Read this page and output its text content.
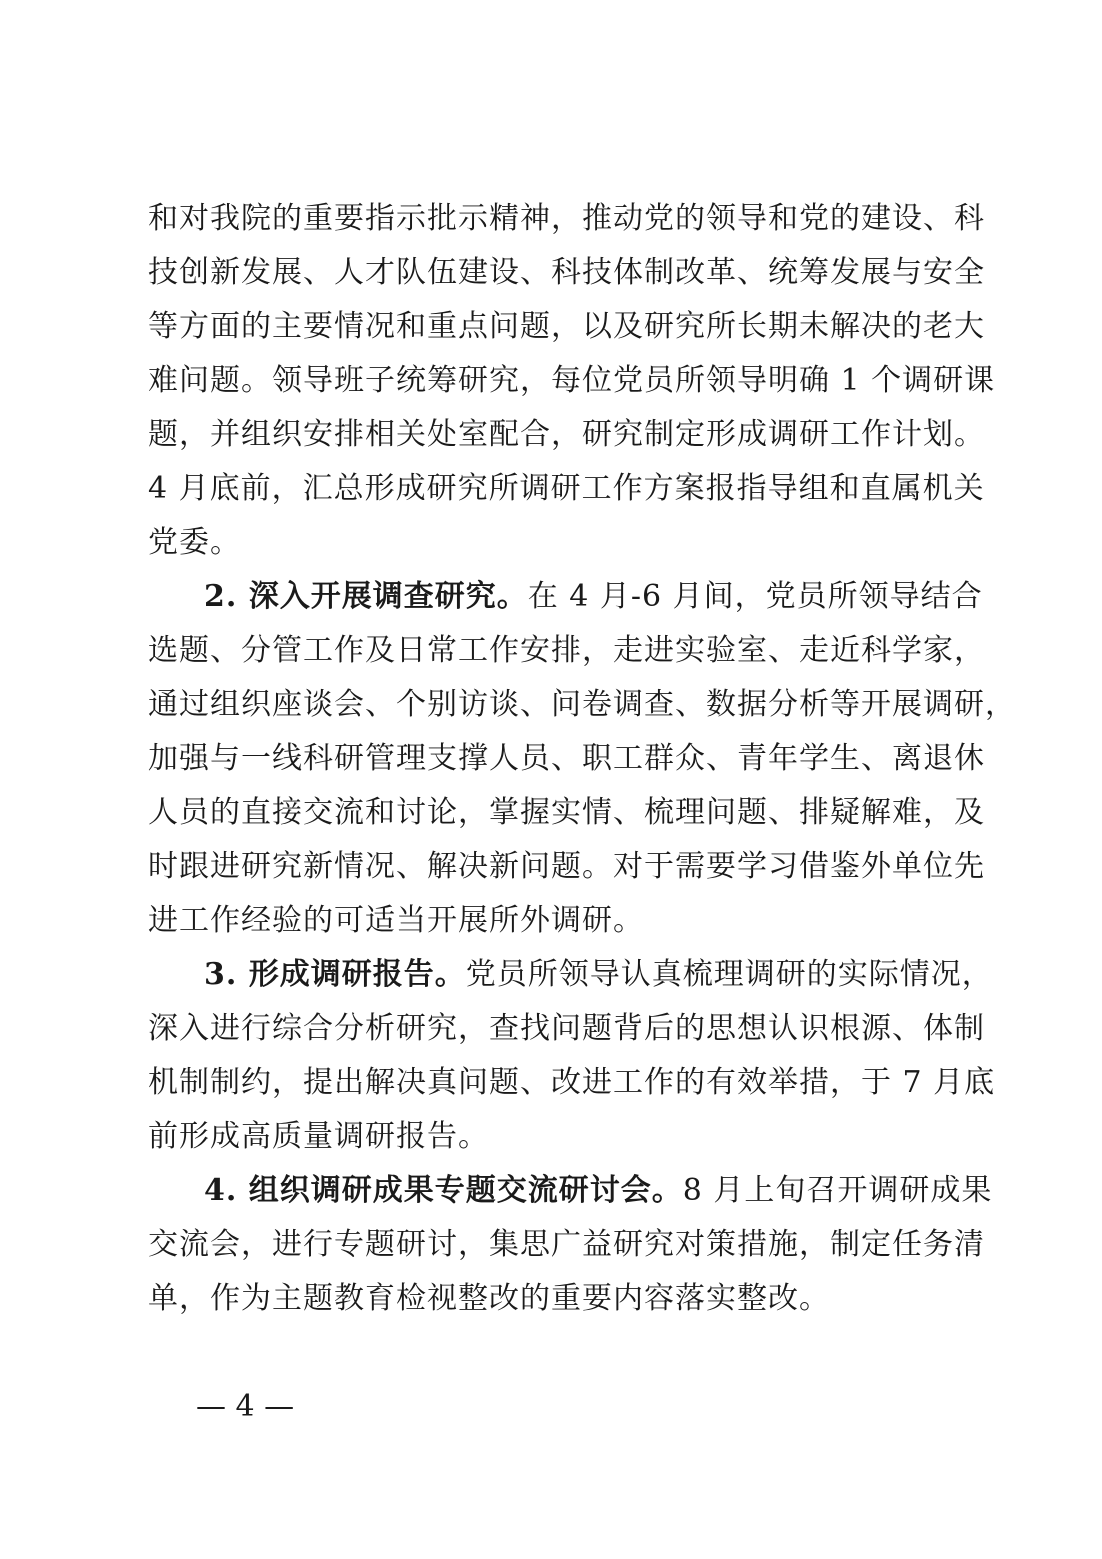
和对我院的重要指示批示精神，推动党的领导和党的建设、科
技创新发展、人才队伍建设、科技体制改革、统筹发展与安全
等方面的主要情况和重点问题，以及研究所长期未解决的老大
难问题。领导班子统筹研究，每位党员所领导明确 1 个调研课
题，并组织安排相关处室配合，研究制定形成调研工作计划。
4 月底前，汇总形成研究所调研工作方案报指导组和直属机关
党委。
2. 深入开展调查研究。在 4 月-6 月间，党员所领导结合
选题、分管工作及日常工作安排，走进实验室、走近科学家，
通过组织座谈会、个别访谈、问卷调查、数据分析等开展调研，
加强与一线科研管理支撑人员、职工群众、青年学生、离退休
人员的直接交流和讨论，掌握实情、梳理问题、排疑解难，及
时跟进研究新情况、解决新问题。对于需要学习借鉴外单位先
进工作经验的可适当开展所外调研。
3. 形成调研报告。党员所领导认真梳理调研的实际情况，
深入进行综合分析研究，查找问题背后的思想认识根源、体制
机制制约，提出解决真问题、改进工作的有效举措，于 7 月底
前形成高质量调研报告。
4. 组织调研成果专题交流研讨会。8 月上旬召开调研成果
交流会，进行专题研讨，集思广益研究对策措施，制定任务清
单，作为主题教育检视整改的重要内容落实整改。
— 4 —
